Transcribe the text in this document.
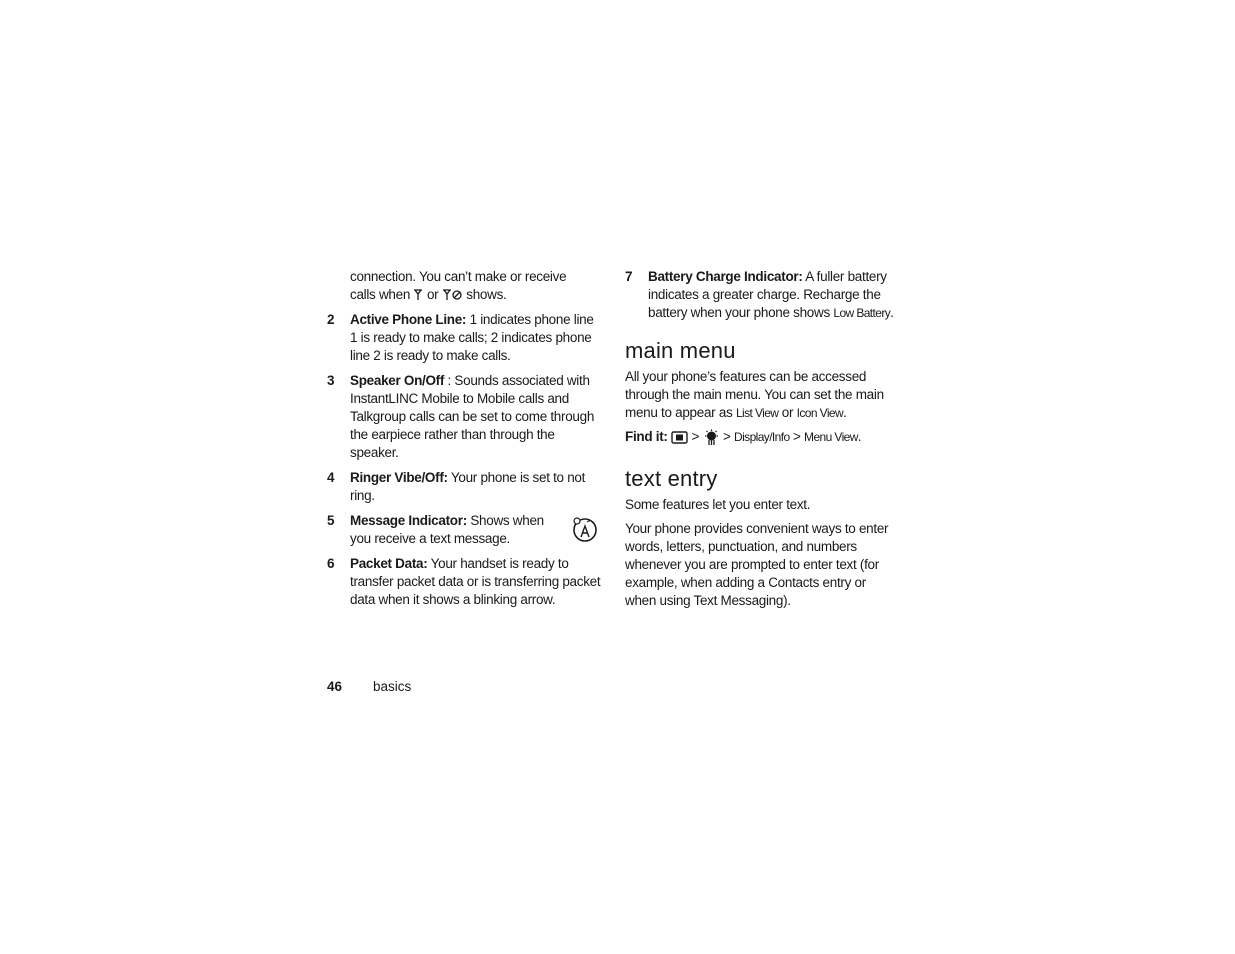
connection. You can’t make or receive
calls when or shows.

2	Active Phone Line: 1 indicates phone line 1 is ready to make calls; 2 indicates phone line 2 is ready to make calls.

3	Speaker On/Off : Sounds associated with InstantLINC Mobile to Mobile calls and Talkgroup calls can be set to come through the earpiece rather than through the speaker.

4	Ringer Vibe/Off: Your phone is set to not ring.

5	Message Indicator: Shows when you receive a text message.

6	Packet Data: Your handset is ready to transfer packet data or is transferring packet data when it shows a blinking arrow.

7	Battery Charge Indicator: A fuller battery indicates a greater charge. Recharge the battery when your phone shows Low Battery.

main menu

All your phone’s features can be accessed through the main menu. You can set the main menu to appear as List View or Icon View.

Find it: > > Display/Info > Menu View.

text entry

Some features let you enter text.

Your phone provides convenient ways to enter words, letters, punctuation, and numbers whenever you are prompted to enter text (for example, when adding a Contacts entry or when using Text Messaging).

46 basics
